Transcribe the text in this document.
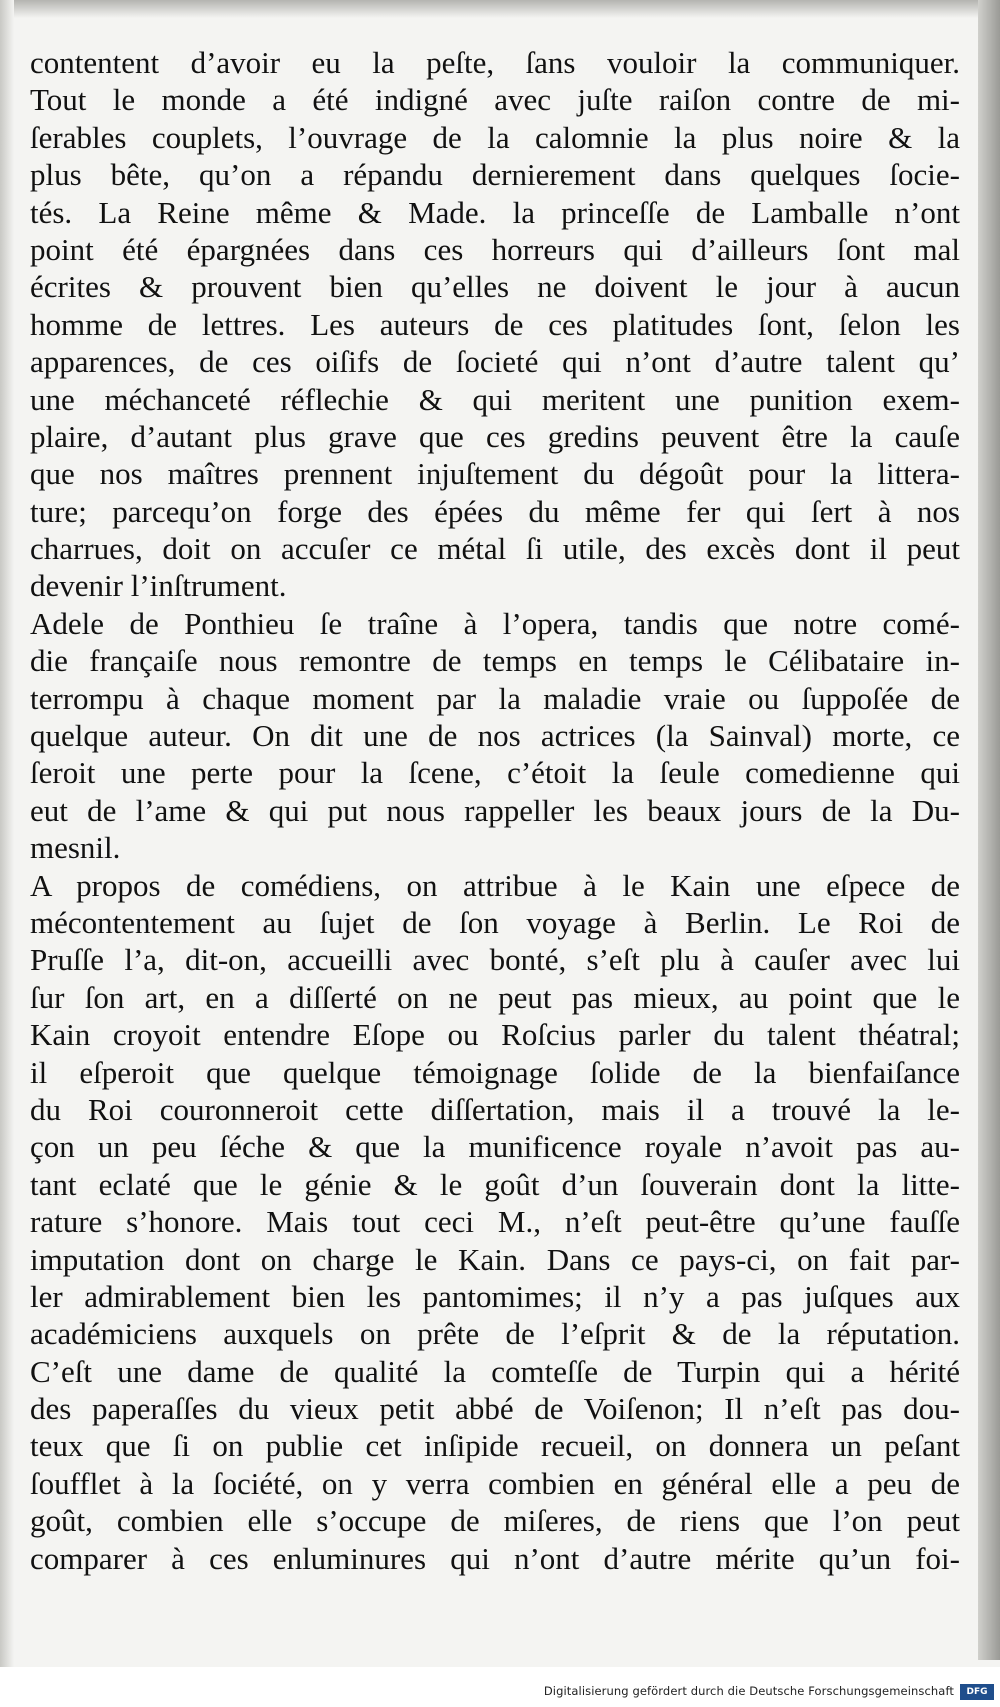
contentent d’avoir eu la peſte, ſans vouloir la communiquer.
Tout le monde a été indigné avec juſte raiſon contre de mi-
ſerables couplets, l’ouvrage de la calomnie la plus noire & la
plus bête, qu’on a répandu dernierement dans quelques ſocie-
tés. La Reine même & Made. la princeſſe de Lamballe n’ont
point été épargnées dans ces horreurs qui d’ailleurs ſont mal
écrites & prouvent bien qu’elles ne doivent le jour à aucun
homme de lettres. Les auteurs de ces platitudes ſont, ſelon les
apparences, de ces oiſifs de ſocieté qui n’ont d’autre talent qu’
une méchanceté réflechie & qui meritent une punition exem-
plaire, d’autant plus grave que ces gredins peuvent être la cauſe
que nos maîtres prennent injuſtement du dégoût pour la littera-
ture; parcequ’on forge des épées du même fer qui ſert à nos
charrues, doit on accuſer ce métal ſi utile, des excès dont il peut
devenir l’inſtrument.
Adele de Ponthieu ſe traîne à l’opera, tandis que notre comé-
die françaiſe nous remontre de temps en temps le Célibataire in-
terrompu à chaque moment par la maladie vraie ou ſuppoſée de
quelque auteur. On dit une de nos actrices (la Sainval) morte, ce
ſeroit une perte pour la ſcene, c’étoit la ſeule comedienne qui
eut de l’ame & qui put nous rappeller les beaux jours de la Du-
mesnil.
A propos de comédiens, on attribue à le Kain une eſpece de
mécontentement au ſujet de ſon voyage à Berlin. Le Roi de
Pruſſe l’a, dit-on, accueilli avec bonté, s’eſt plu à cauſer avec lui
ſur ſon art, en a diſſerté on ne peut pas mieux, au point que le
Kain croyoit entendre Eſope ou Roſcius parler du talent théatral;
il eſperoit que quelque témoignage ſolide de la bienfaiſance
du Roi couronneroit cette diſſertation, mais il a trouvé la le-
çon un peu ſéche & que la munificence royale n’avoit pas au-
tant eclaté que le génie & le goût d’un ſouverain dont la litte-
rature s’honore. Mais tout ceci M., n’eſt peut-être qu’une fauſſe
imputation dont on charge le Kain. Dans ce pays-ci, on fait par-
ler admirablement bien les pantomimes; il n’y a pas juſques aux
académiciens auxquels on prête de l’eſprit & de la réputation.
C’eſt une dame de qualité la comteſſe de Turpin qui a hérité
des paperaſſes du vieux petit abbé de Voiſenon; Il n’eſt pas dou-
teux que ſi on publie cet inſipide recueil, on donnera un peſant
ſoufflet à la ſociété, on y verra combien en général elle a peu de
goût, combien elle s’occupe de miſeres, de riens que l’on peut
comparer à ces enluminures qui n’ont d’autre mérite qu’un foi-
Digitalisierung gefördert durch die Deutsche Forschungsgemeinschaft	DFG
